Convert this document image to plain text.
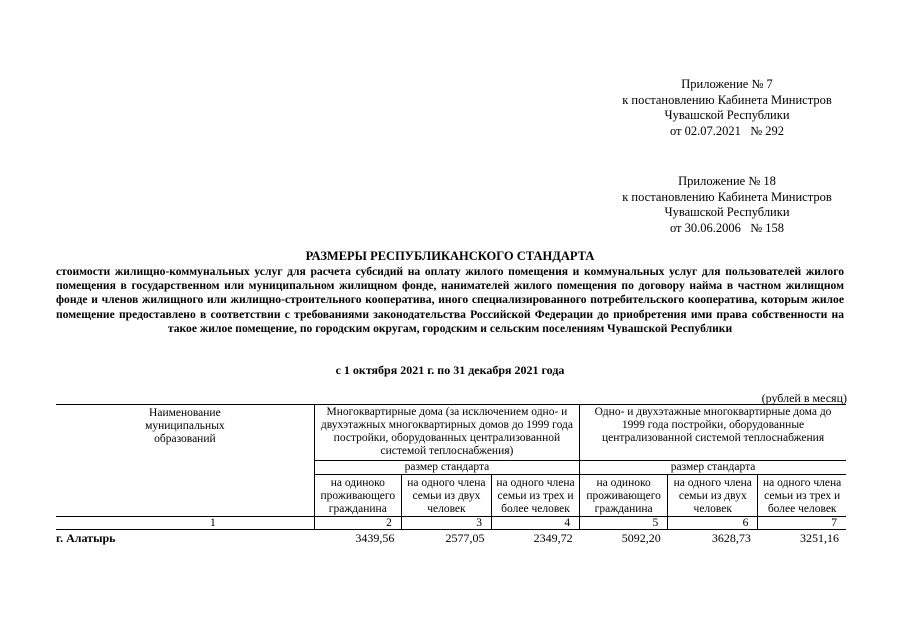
Приложение № 7
к постановлению Кабинета Министров
Чувашской Республики
от 02.07.2021   № 292
Приложение № 18
к постановлению Кабинета Министров
Чувашской Республики
от 30.06.2006   № 158
РАЗМЕРЫ РЕСПУБЛИКАНСКОГО СТАНДАРТА
стоимости жилищно-коммунальных услуг для расчета субсидий на оплату жилого помещения и коммунальных услуг для пользователей жилого помещения в государственном или муниципальном жилищном фонде, нанимателей жилого помещения по договору найма в частном жилищном фонде и членов жилищного или жилищно-строительного кооператива, иного специализированного потребительского кооператива, которым жилое помещение предоставлено в соответствии с требованиями законодательства Российской Федерации до приобретения ими права собственности на такое жилое помещение, по городским округам, городским и сельским поселениям Чувашской Республики
с 1 октября 2021 г. по 31 декабря 2021 года
(рублей в месяц)
Наименование муниципальных образований	Многоквартирные дома (за исключением одно- и двухэтажных многоквартирных домов до 1999 года постройки, оборудованных централизованной системой теплоснабжения)			Одно- и двухэтажные многоквартирные дома до 1999 года постройки, оборудованные централизованной системой теплоснабжения		
	размер стандарта			размер стандарта		
	на одиноко проживающего гражданина	на одного члена семьи из двух человек	на одного члена семьи из трех и более человек	на одиноко проживающего гражданина	на одного члена семьи из двух человек	на одного члена семьи из трех и более человек
1	2	3	4	5	6	7
г. Алатырь	3439,56	2577,05	2349,72	5092,20	3628,73	3251,16
